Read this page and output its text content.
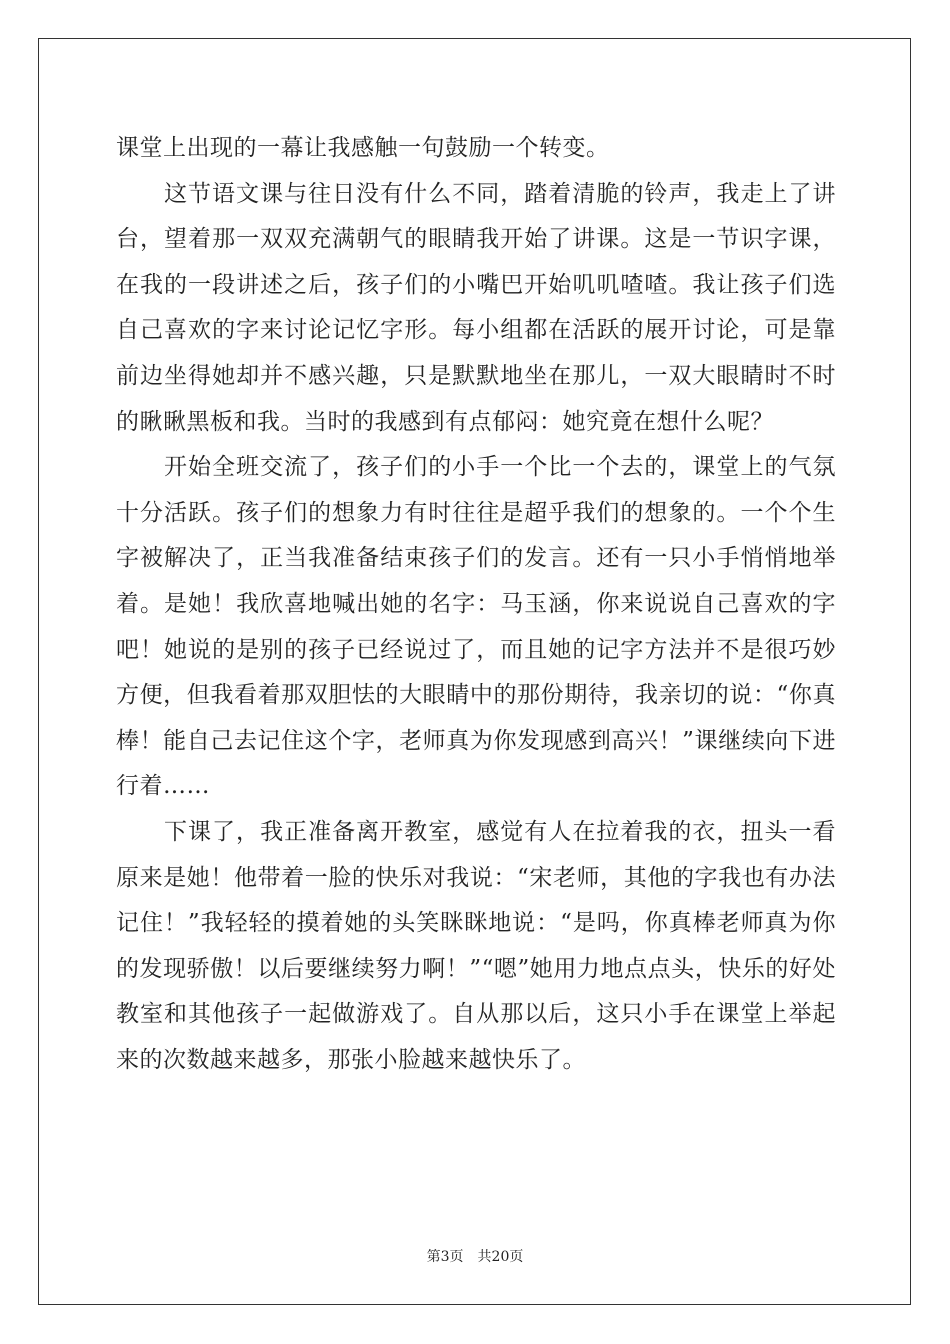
课堂上出现的一幕让我感触一句鼓励一个转变。

这节语文课与往日没有什么不同，踏着清脆的铃声，我走上了讲台，望着那一双双充满朝气的眼睛我开始了讲课。这是一节识字课，在我的一段讲述之后，孩子们的小嘴巴开始叽叽喳喳。我让孩子们选自己喜欢的字来讨论记忆字形。每小组都在活跃的展开讨论，可是靠前边坐得她却并不感兴趣，只是默默地坐在那儿，一双大眼睛时不时的瞅瞅黑板和我。当时的我感到有点郁闷：她究竟在想什么呢？

开始全班交流了，孩子们的小手一个比一个去的，课堂上的气氛十分活跃。孩子们的想象力有时往往是超乎我们的想象的。一个个生字被解决了，正当我准备结束孩子们的发言。还有一只小手悄悄地举着。是她！我欣喜地喊出她的名字：马玉涵，你来说说自己喜欢的字吧！她说的是别的孩子已经说过了，而且她的记字方法并不是很巧妙方便，但我看着那双胆怯的大眼睛中的那份期待，我亲切的说：“你真棒！能自己去记住这个字，老师真为你发现感到高兴！”课继续向下进行着……

下课了，我正准备离开教室，感觉有人在拉着我的衣，扭头一看原来是她！他带着一脸的快乐对我说：“宋老师，其他的字我也有办法记住！”我轻轻的摸着她的头笑眯眯地说：“是吗，你真棒老师真为你的发现骄傲！以后要继续努力啊！”“嗯”她用力地点点头，快乐的好处教室和其他孩子一起做游戏了。自从那以后，这只小手在课堂上举起来的次数越来越多，那张小脸越来越快乐了。

第3页 共20页
